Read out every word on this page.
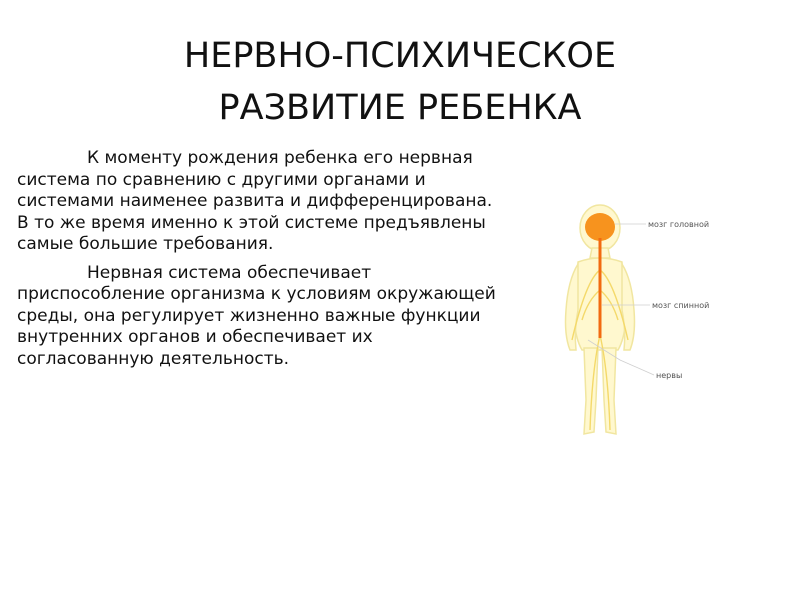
НЕРВНО-ПСИХИЧЕСКОЕ
РАЗВИТИЕ РЕБЕНКА

К моменту рождения ребенка его нервная система по сравнению с другими органами и системами наименее развита и дифференцирована. В то же время именно к этой системе предъявлены самые большие требования.

Нервная система обеспечивает приспособление организма к условиям окружающей среды, она регулирует жизненно важные функции внутренних органов и обеспечивает их согласованную деятельность.

мозг головной
мозг спинной
нервы
